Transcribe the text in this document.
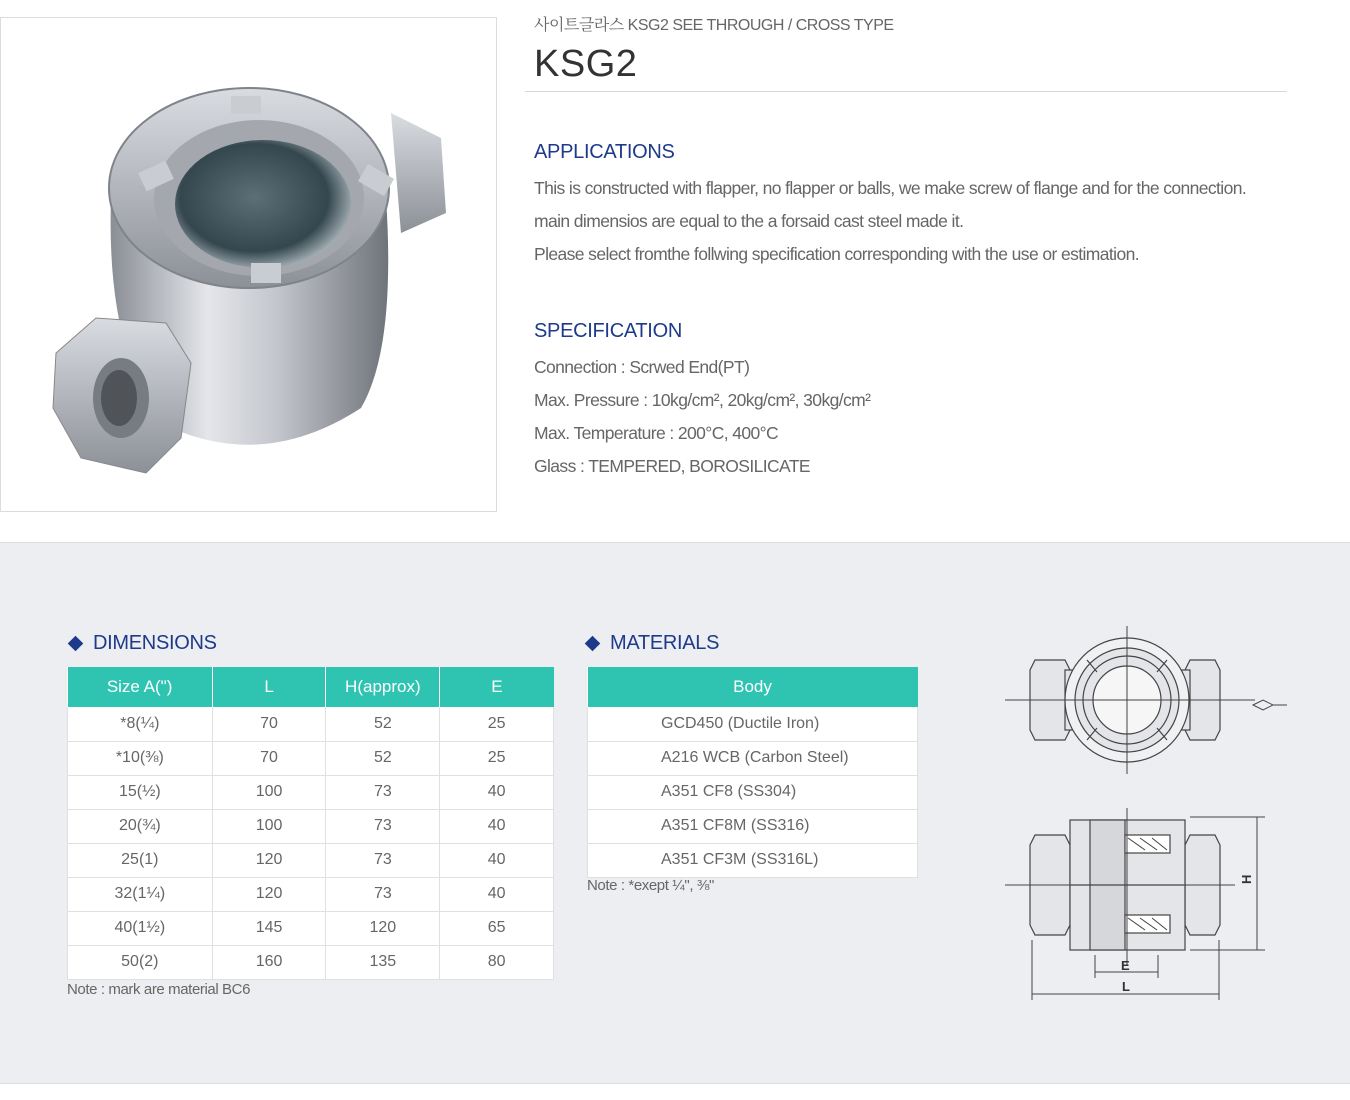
사이트글라스 KSG2 SEE THROUGH / CROSS TYPE
KSG2
APPLICATIONS

This is constructed with flapper, no flapper or balls, we make screw of flange and for the connection.

main dimensios are equal to the a forsaid cast steel made it.

Please select fromthe follwing specification corresponding with the use or estimation.

SPECIFICATION

Connection : Scrwed End(PT)

Max. Pressure : 10kg/cm², 20kg/cm², 30kg/cm²

Max. Temperature : 200°C, 400°C

Glass : TEMPERED, BOROSILICATE

DIMENSIONS
Size A(")	L	H(approx)	E
*8(¼)	70	52	25
*10(⅜)	70	52	25
15(½)	100	73	40
20(¾)	100	73	40
25(1)	120	73	40
32(1¼)	120	73	40
40(1½)	145	120	65
50(2)	160	135	80
Note : mark are material BC6
MATERIALS
Body
GCD450 (Ductile Iron)
A216 WCB (Carbon Steel)
A351 CF8 (SS304)
A351 CF8M (SS316)
A351 CF3M (SS316L)
Note : *exept ¼", ⅜"	H
E
L
